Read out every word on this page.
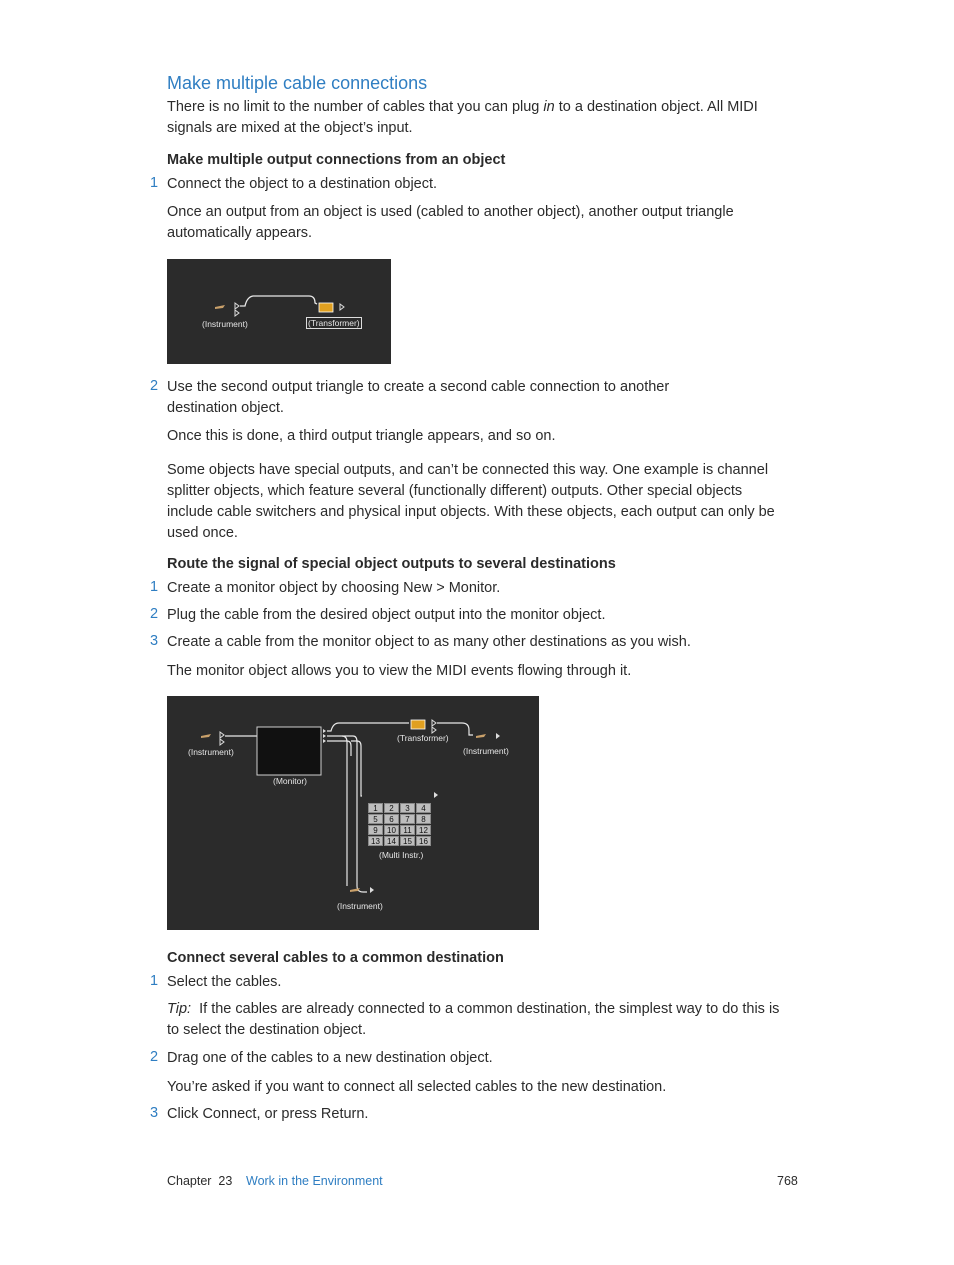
Make multiple cable connections
There is no limit to the number of cables that you can plug in to a destination object. All MIDI signals are mixed at the object’s input.
Make multiple output connections from an object
1 Connect the object to a destination object.
Once an output from an object is used (cabled to another object), another output triangle automatically appears.
(Instrument)	(Transformer)
2 Use the second output triangle to create a second cable connection to another destination object.
Once this is done, a third output triangle appears, and so on.
Some objects have special outputs, and can’t be connected this way. One example is channel splitter objects, which feature several (functionally different) outputs. Other special objects include cable switchers and physical input objects. With these objects, each output can only be used once.
Route the signal of special object outputs to several destinations
1 Create a monitor object by choosing New > Monitor.
2 Plug the cable from the desired object output into the monitor object.
3 Create a cable from the monitor object to as many other destinations as you wish.
The monitor object allows you to view the MIDI events flowing through it.
(Instrument)
(Monitor)
(Transformer)
(Instrument)
1	2	3	4
5	6	7	8
9	10 11 12
13 14 15 16
(Multi Instr.)
(Instrument)
Connect several cables to a common destination
1 Select the cables.
Tip: If the cables are already connected to a common destination, the simplest way to do this is to select the destination object.
2 Drag one of the cables to a new destination object.
You’re asked if you want to connect all selected cables to the new destination.
3 Click Connect, or press Return.
Chapter  23 Work in the Environment	768
